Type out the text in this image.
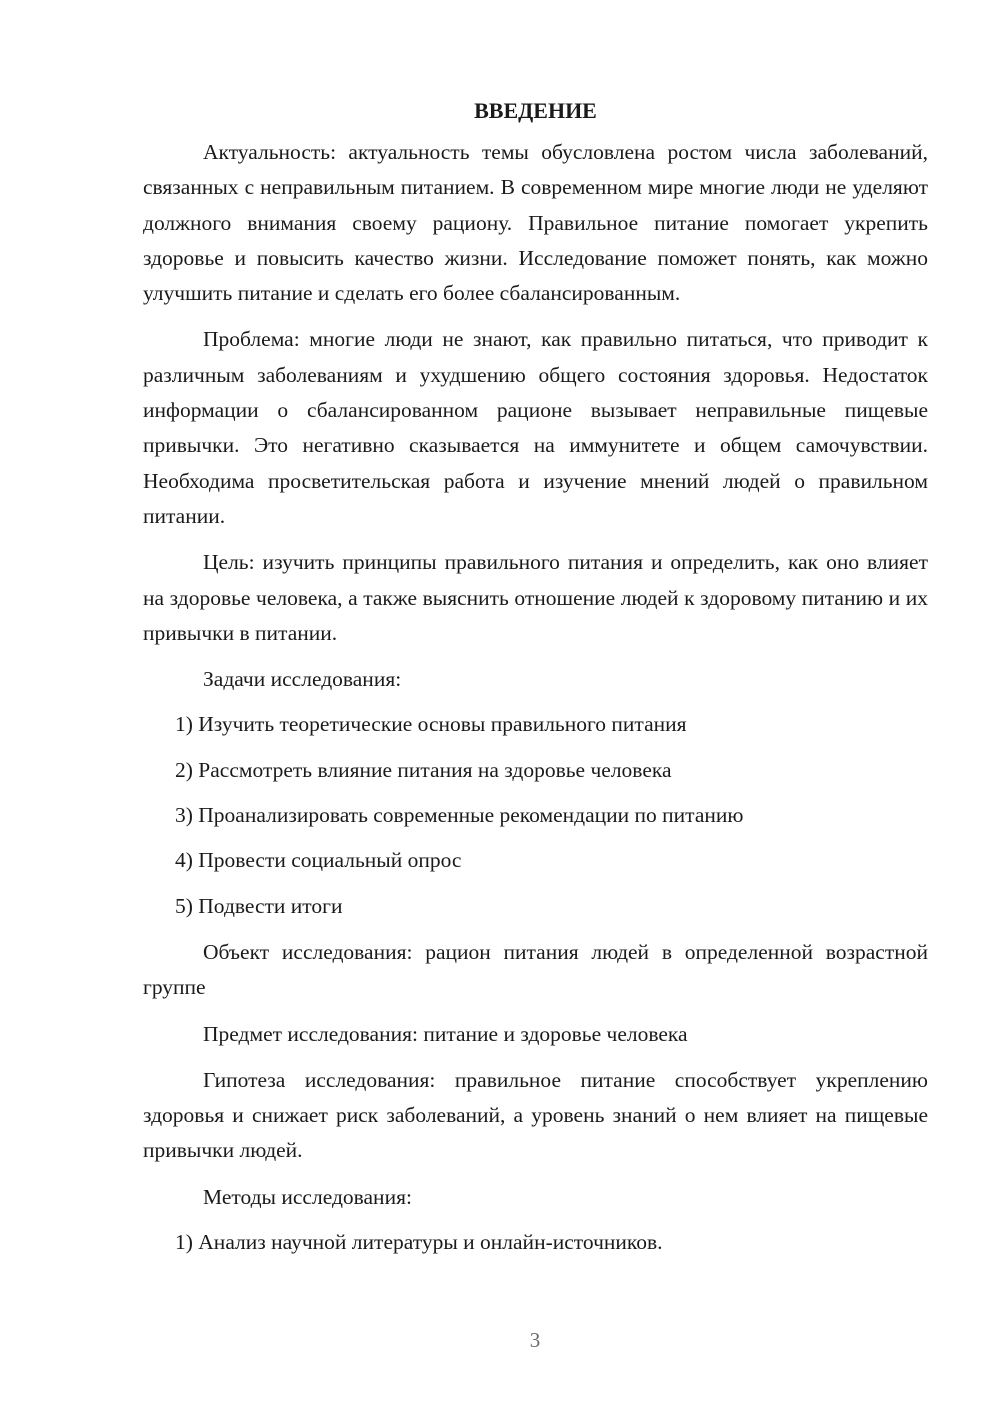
ВВЕДЕНИЕ

Актуальность: актуальность темы обусловлена ростом числа заболеваний, связанных с неправильным питанием. В современном мире многие люди не уделяют должного внимания своему рациону. Правильное питание помогает укрепить здоровье и повысить качество жизни. Исследование поможет понять, как можно улучшить питание и сделать его более сбалансированным.

Проблема: многие люди не знают, как правильно питаться, что приводит к различным заболеваниям и ухудшению общего состояния здоровья. Недостаток информации о сбалансированном рационе вызывает неправильные пищевые привычки. Это негативно сказывается на иммунитете и общем самочувствии. Необходима просветительская работа и изучение мнений людей о правильном питании.

Цель: изучить принципы правильного питания и определить, как оно влияет на здоровье человека, а также выяснить отношение людей к здоровому питанию и их привычки в питании.

Задачи исследования:

1) Изучить теоретические основы правильного питания
2) Рассмотреть влияние питания на здоровье человека
3) Проанализировать современные рекомендации по питанию
4) Провести социальный опрос
5) Подвести итоги

Объект исследования: рацион питания людей в определенной возрастной группе

Предмет исследования: питание и здоровье человека

Гипотеза исследования: правильное питание способствует укреплению здоровья и снижает риск заболеваний, а уровень знаний о нем влияет на пищевые привычки людей.

Методы исследования:

1) Анализ научной литературы и онлайн-источников.
3
